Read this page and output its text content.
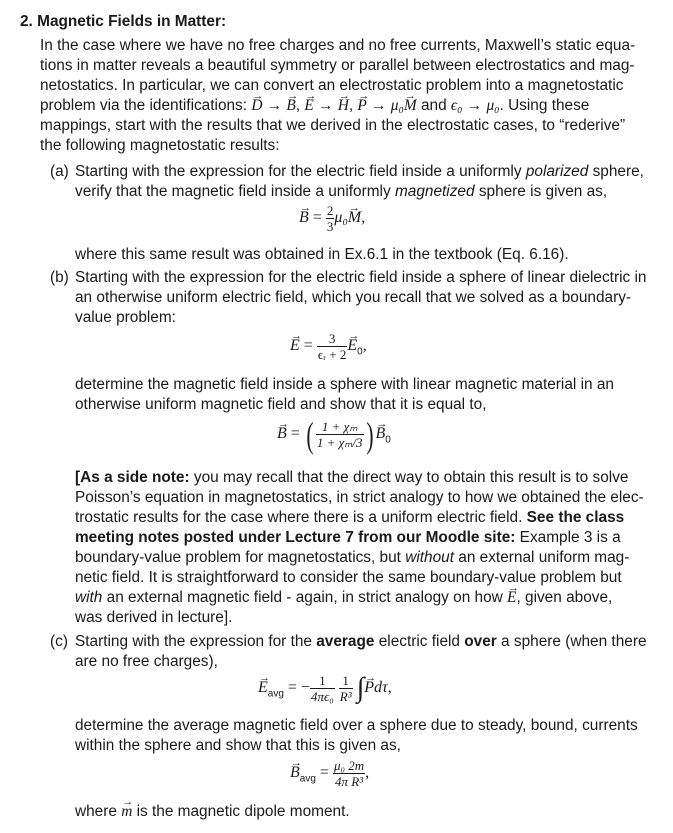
2. Magnetic Fields in Matter:
In the case where we have no free charges and no free currents, Maxwell’s static equa-
tions in matter reveals a beautiful symmetry or parallel between electrostatics and mag-
netostatics. In particular, we can convert an electrostatic problem into a magnetostatic
problem via the identifications: D → → B →, E → → H →, P → → μ₀M → and ϵ₀ → μ₀. Using these
mappings, start with the results that we derived in the electrostatic cases, to “rederive”
the following magnetostatic results:
(a) Starting with the expression for the electric field inside a uniformly polarized sphere,
verify that the magnetic field inside a uniformly magnetized sphere is given as,
B → = $\frac{2}{3} \mu_0M$ →,
where this same result was obtained in Ex.6.1 in the textbook (Eq. 6.16).
(b) Starting with the expression for the electric field inside a sphere of linear dielectric in
an otherwise uniform electric field, which you recall that we solved as a boundary-
value problem:
E → = $\frac{3}{\text{ϵᵣ + 2}}$ $E \to_0$,
determine the magnetic field inside a sphere with linear magnetic material in an
otherwise uniform magnetic field and show that it is equal to,
B → = ( $\frac{\text{1 + χₘ}}{\text{1 + χₘ/3}}$ ) $B \to_0$
[As a side note: you may recall that the direct way to obtain this result is to solve
Poisson’s equation in magnetostatics, in strict analogy to how we obtained the elec-
trostatic results for the case where there is a uniform electric field. See the class
meeting notes posted under Lecture 7 from our Moodle site: Example 3 is a
boundary-value problem for magnetostatics, but without an external uniform mag-
netic field. It is straightforward to consider the same boundary-value problem but
with an external magnetic field - again, in strict analogy on how E →, given above,
was derived in lecture].
(c) Starting with the expression for the average electric field over a sphere (when there
are no free charges),
$E \to_{avg}$ = − $\frac{1}{\text{4πϵ₀}}$
$\frac{1}{\text{R³}} \int P \to d\tau$,
determine the average magnetic field over a sphere due to steady, bound, currents
within the sphere and show that this is given as,
$B \to_{avg} = \frac{\text{μ₀ 2m}}{\text{4π R³}}$ ,
where m → is the magnetic dipole moment.
